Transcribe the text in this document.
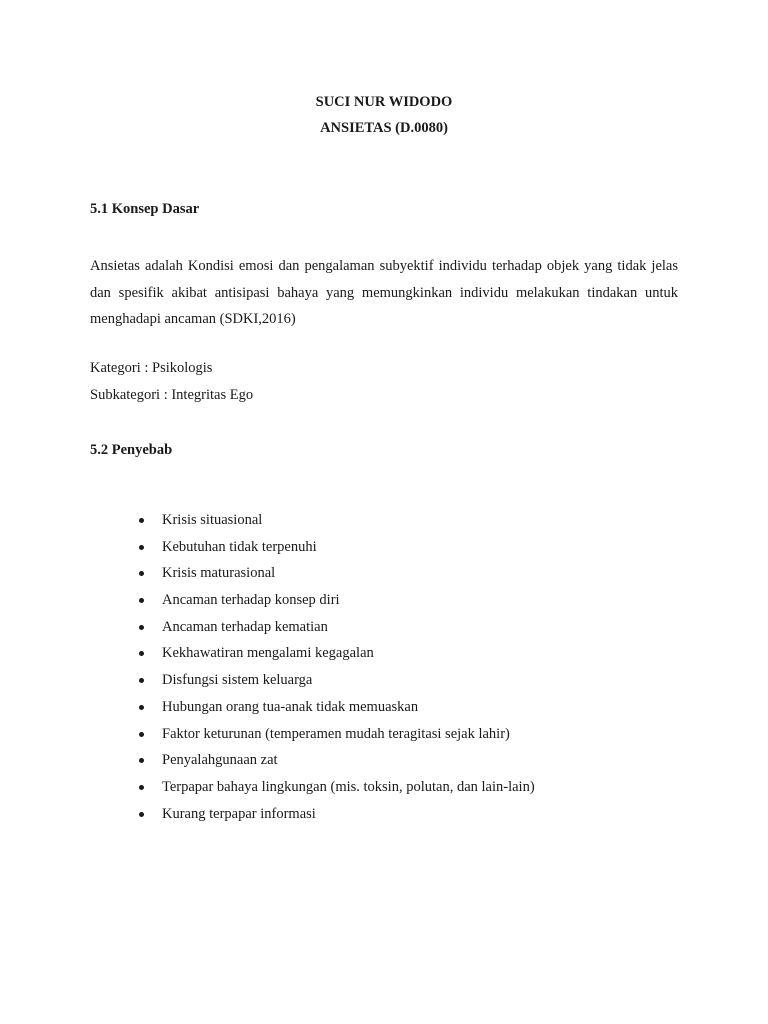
SUCI NUR WIDODO
ANSIETAS (D.0080)
5.1 Konsep Dasar
Ansietas adalah Kondisi emosi dan pengalaman subyektif individu terhadap objek yang tidak jelas dan spesifik akibat antisipasi bahaya yang memungkinkan individu melakukan tindakan untuk menghadapi ancaman (SDKI,2016)
Kategori : Psikologis
Subkategori : Integritas Ego
5.2 Penyebab
Krisis situasional
Kebutuhan tidak terpenuhi
Krisis maturasional
Ancaman terhadap konsep diri
Ancaman terhadap kematian
Kekhawatiran mengalami kegagalan
Disfungsi sistem keluarga
Hubungan orang tua-anak tidak memuaskan
Faktor keturunan (temperamen mudah teragitasi sejak lahir)
Penyalahgunaan zat
Terpapar bahaya lingkungan (mis. toksin, polutan, dan lain-lain)
Kurang terpapar informasi
